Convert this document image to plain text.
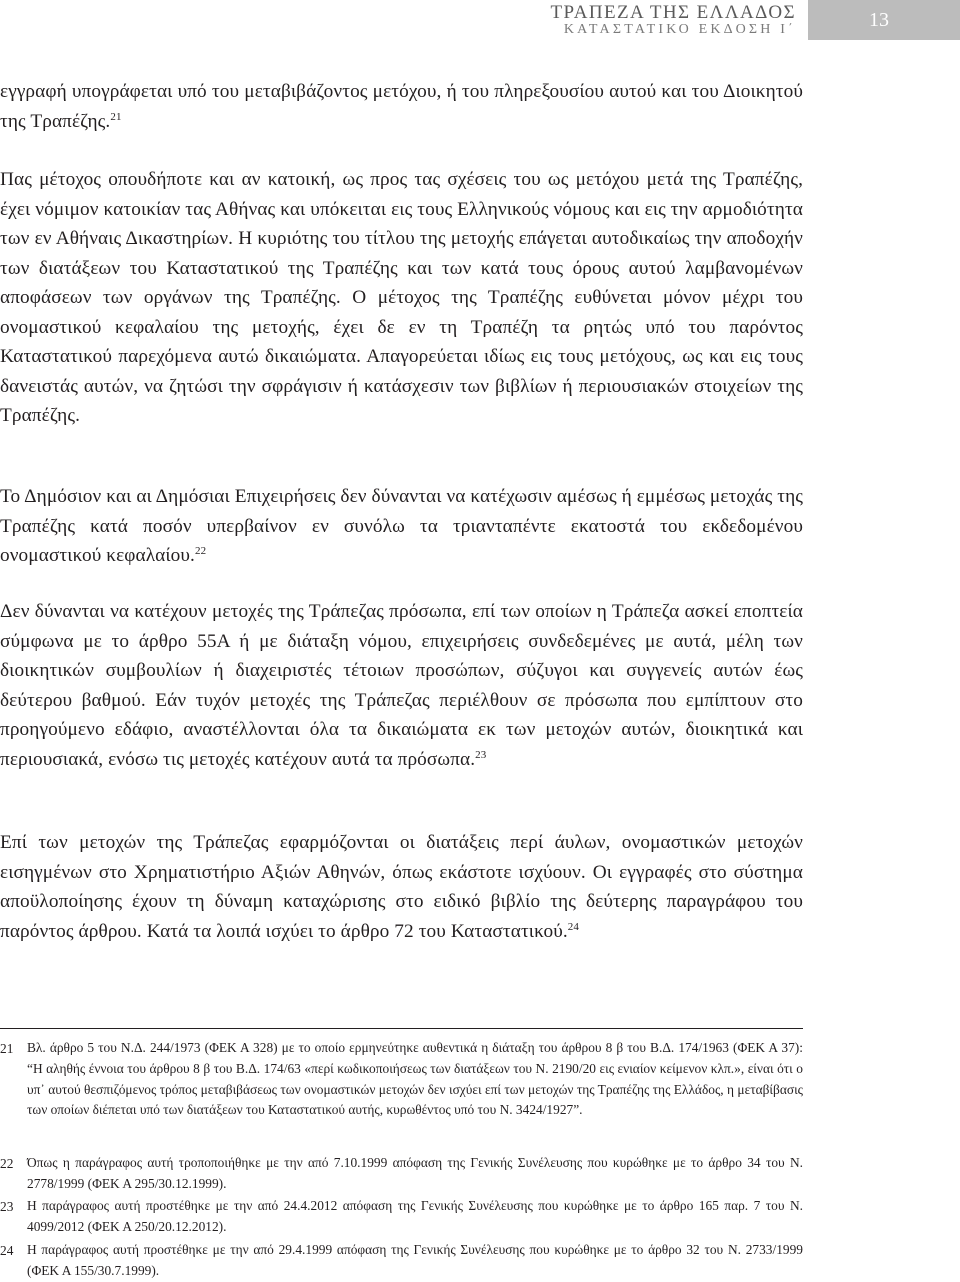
ΤΡΑΠΕΖΑ ΤΗΣ ΕΛΛΑΔΟΣ
ΚΑΤΑΣΤΑΤΙΚΟ ΕΚΔΟΣΗ Ι΄	13

εγγραφή υπογράφεται υπό του μεταβιβάζοντος μετόχου, ή του πληρεξουσίου αυτού και του Διοικητού της Τραπέζης.$^{21}$

Πας μέτοχος οπουδήποτε και αν κατοική, ως προς τας σχέσεις του ως μετόχου μετά της Τραπέζης, έχει νόμιμον κατοικίαν τας Αθήνας και υπόκειται εις τους Ελληνικούς νόμους και εις την αρμοδιότητα των εν Αθήναις Δικαστηρίων. Η κυριότης του τίτλου της μετοχής επάγεται αυτοδικαίως την αποδοχήν των διατάξεων του Καταστατικού της Τραπέζης και των κατά τους όρους αυτού λαμβανομένων αποφάσεων των οργάνων της Τραπέζης. Ο μέτοχος της Τραπέζης ευθύνεται μόνον μέχρι του ονομαστικού κεφαλαίου της μετοχής, έχει δε εν τη Τραπέζη τα ρητώς υπό του παρόντος Καταστατικού παρεχόμενα αυτώ δικαιώματα. Απαγορεύεται ιδίως εις τους μετόχους, ως και εις τους δανειστάς αυτών, να ζητώσι την σφράγισιν ή κατάσχεσιν των βιβλίων ή περιουσιακών στοιχείων της Τραπέζης.

Το Δημόσιον και αι Δημόσιαι Επιχειρήσεις δεν δύνανται να κατέχωσιν αμέσως ή εμμέσως μετοχάς της Τραπέζης κατά ποσόν υπερβαίνον εν συνόλω τα τριανταπέντε εκατοστά του εκδεδομένου ονομαστικού κεφαλαίου.$^{22}$

Δεν δύνανται να κατέχουν μετοχές της Τράπεζας πρόσωπα, επί των οποίων η Τράπεζα ασκεί εποπτεία σύμφωνα με το άρθρο 55Α ή με διάταξη νόμου, επιχειρήσεις συνδεδεμένες με αυτά, μέλη των διοικητικών συμβουλίων ή διαχειριστές τέτοιων προσώπων, σύζυγοι και συγγενείς αυτών έως δεύτερου βαθμού. Εάν τυχόν μετοχές της Τράπεζας περιέλθουν σε πρόσωπα που εμπίπτουν στο προηγούμενο εδάφιο, αναστέλλονται όλα τα δικαιώματα εκ των μετοχών αυτών, διοικητικά και περιουσιακά, ενόσω τις μετοχές κατέχουν αυτά τα πρόσωπα.$^{23}$

Επί των μετοχών της Τράπεζας εφαρμόζονται οι διατάξεις περί άυλων, ονομαστικών μετοχών εισηγμένων στο Χρηματιστήριο Αξιών Αθηνών, όπως εκάστοτε ισχύουν. Οι εγγραφές στο σύστημα αποϋλοποίησης έχουν τη δύναμη καταχώρισης στο ειδικό βιβλίο της δεύτερης παραγράφου του παρόντος άρθρου. Κατά τα λοιπά ισχύει το άρθρο 72 του Καταστατικού.$^{24}$

21	Βλ. άρθρο 5 του Ν.Δ. 244/1973 (ΦΕΚ Α 328) με το οποίο ερμηνεύτηκε αυθεντικά η διάταξη του άρθρου 8 β του Β.Δ. 174/1963 (ΦΕΚ Α 37): “Η αληθής έννοια του άρθρου 8 β του Β.Δ. 174/63 «περί κωδικοποιήσεως των διατάξεων του Ν. 2190/20 εις ενιαίον κείμενον κλπ.», είναι ότι ο υπ᾽ αυτού θεσπιζόμενος τρόπος μεταβιβάσεως των ονομαστικών μετοχών δεν ισχύει επί των μετοχών της Τραπέζης της Ελλάδος, η μεταβίβασις των οποίων διέπεται υπό των διατάξεων του Καταστατικού αυτής, κυρωθέντος υπό του Ν. 3424/1927”.
22	Όπως η παράγραφος αυτή τροποποιήθηκε με την από 7.10.1999 απόφαση της Γενικής Συνέλευσης που κυρώθηκε με το άρθρο 34 του Ν. 2778/1999 (ΦΕΚ Α 295/30.12.1999).
23	Η παράγραφος αυτή προστέθηκε με την από 24.4.2012 απόφαση της Γενικής Συνέλευσης που κυρώθηκε με το άρθρο 165 παρ. 7 του Ν. 4099/2012 (ΦΕΚ Α 250/20.12.2012).
24	Η παράγραφος αυτή προστέθηκε με την από 29.4.1999 απόφαση της Γενικής Συνέλευσης που κυρώθηκε με το άρθρο 32 του Ν. 2733/1999 (ΦΕΚ Α 155/30.7.1999).
